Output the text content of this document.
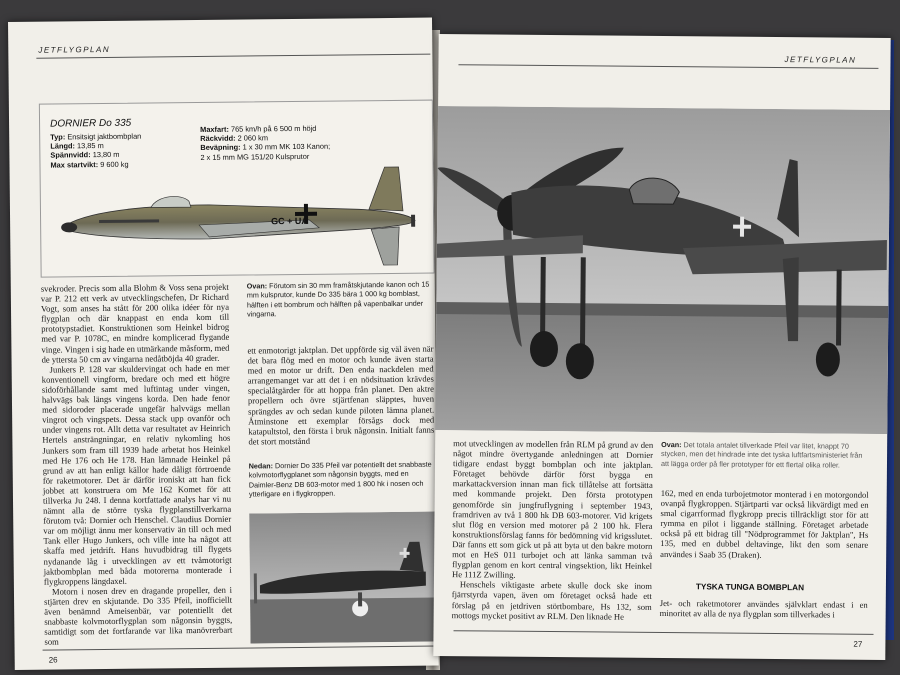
JETFLYGPLAN
DORNIER Do 335
Typ: Ensitsigt jaktbombplan
Längd: 13,85 m
Spännvidd: 13,80 m
Max startvikt: 9 600 kg
Maxfart: 765 km/h på 6 500 m höjd
Räckvidd: 2 060 km
Beväpning: 1 x 30 mm MK 103 Kanon;
2 x 15 mm MG 151/20 Kulsprutor
GC + UA

svekroder. Precis som alla Blohm & Voss sena projekt var P. 212 ett verk av utvecklingschefen, Dr Richard Vogt, som anses ha stått för 200 olika idéer för nya flygplan och där knappast en enda kom till prototypstadiet. Konstruktionen som Heinkel bidrog med var P. 1078C, en mindre komplicerad flygande vinge. Vingen i sig hade en utmärkande måsform, med de yttersta 50 cm av vingarna nedåtböjda 40 grader.

Junkers P. 128 var skuldervingat och hade en mer konventionell vingform, bredare och med ett högre sidoförhållande samt med luftintag under vingen, halvvägs bak längs vingens korda. Den hade fenor med sidoroder placerade ungefär halvvägs mellan vingrot och vingspets. Dessa stack upp ovanför och under vingens rot. Allt detta var resultatet av Heinrich Hertels ansträngningar, en relativ nykomling hos Junkers som fram till 1939 hade arbetat hos Heinkel med He 176 och He 178. Han lämnade Heinkel på grund av att han enligt källor hade dåligt förtroende för raketmotorer. Det är därför ironiskt att han fick jobbet att konstruera om Me 162 Komet för att tillverka Ju 248. I denna kortfattade analys har vi nu nämnt alla de större tyska flygplanstillverkarna förutom två: Dornier och Henschel. Claudius Dornier var om möjligt ännu mer konservativ än till och med Tank eller Hugo Junkers, och ville inte ha något att skaffa med jetdrift. Hans huvudbidrag till flygets nydanande låg i utvecklingen av ett tvåmotorigt jaktbombplan med båda motorerna monterade i flygkroppens längdaxel.

Motorn i nosen drev en dragande propeller, den i stjärten drev en skjutande. Do 335 Pfeil, inofficiellt även benämnd Ameisenbär, var potentiellt det snabbaste kolvmotorflygplan som någonsin byggts, samtidigt som det fortfarande var lika manövrerbart som

Ovan: Förutom sin 30 mm framåtskjutande kanon och 15 mm kulsprutor, kunde Do 335 bära 1 000 kg bomblast, hälften i ett bombrum och hälften på vapenbalkar under vingarna.

ett enmotorigt jaktplan. Det uppförde sig väl även när det bara flög med en motor och kunde även starta med en motor ur drift. Den enda nackdelen med arrangemanget var att det i en nödsituation krävdes specialåtgärder för att hoppa från planet. Den aktre propellern och övre stjärtfenan släpptes, huven sprängdes av och sedan kunde piloten lämna planet. Åtminstone ett exemplar försågs dock med katapultstol, den första i bruk någonsin. Initialt fanns det stort motstånd

Nedan: Dornier Do 335 Pfeil var potentiellt det snabbaste kolvmotorflygplanet som någonsin byggts, med en Daimler-Benz DB 603-motor med 1 800 hk i nosen och ytterligare en i flygkroppen.
26
JETFLYGPLAN

mot utvecklingen av modellen från RLM på grund av den något mindre övertygande anledningen att Dornier tidigare endast byggt bombplan och inte jaktplan. Företaget behövde därför först bygga en markattackversion innan man fick tillåtelse att fortsätta med kommande projekt. Den första prototypen genomförde sin jungfruflygning i september 1943, framdriven av två 1 800 hk DB 603-motorer. Vid krigets slut flög en version med motorer på 2 100 hk. Flera konstruktionsförslag fanns för bedömning vid krigsslutet. Där fanns ett som gick ut på att byta ut den bakre motorn mot en HeS 011 turbojet och att länka samman två flygplan genom en kort central vingsektion, likt Heinkel He 111Z Zwilling.

Henschels viktigaste arbete skulle dock ske inom fjärrstyrda vapen, även om företaget också hade ett förslag på en jetdriven störtbombare, Hs 132, som mottogs mycket positivt av RLM. Den liknade He

Ovan: Det totala antalet tillverkade Pfeil var litet, knappt 70 stycken, men det hindrade inte det tyska luftfartsministeriet från att lägga order på fler prototyper för ett flertal olika roller.

162, med en enda turbojetmotor monterad i en motorgondol ovanpå flygkroppen. Stjärtparti var också likvärdigt med en smal cigarrformad flygkropp precis tillräckligt stor för att rymma en pilot i liggande ställning. Företaget arbetade också på ett bidrag till "Nödprogrammet för Jaktplan", Hs 135, med en dubbel deltavinge, likt den som senare användes i Saab 35 (Draken).

TYSKA TUNGA BOMBPLAN

Jet- och raketmotorer användes självklart endast i en minoritet av alla de nya flygplan som tillverkades i

27
